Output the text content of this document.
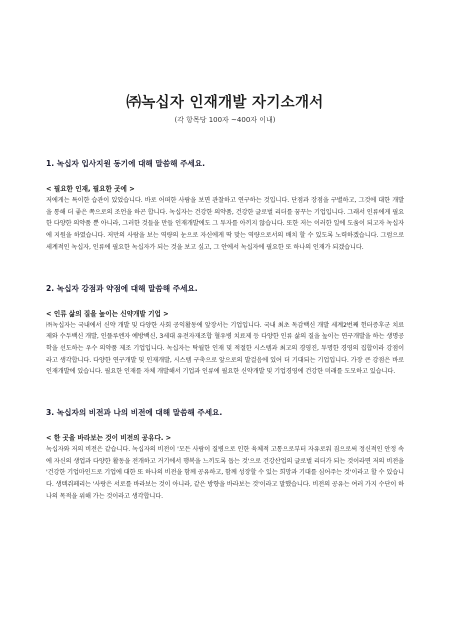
㈜녹십자 인재개발 자기소개서
(각 항목당 100자 ~400자 이내)

1. 녹십자 입사지원 동기에 대해 말씀해 주세요.

< 필요한 인재, 필요한 곳에 >
저에게는 특이한 습관이 있었습니다. 바로 어떠한 사람을 보면 관찰하고 연구하는 것입니다. 단점과 장점을 구별하고, 그것에 대한 개발을 통해 더 좋은 쪽으로의 조언을 하곤 합니다. 녹십자는 건강한 의약품, 건강한 글로벌 리더를 꿈꾸는 기업입니다. 그래서 인류에게 필요한 다양한 의약품 뿐 아니라, 그러한 것들을 만들 인재개발에도 그 투자를 아끼지 않습니다. 또한 저는 이러한 일에 도움이 되고자 녹십자에 지원을 하였습니다. 저만의 사람을 보는 역량의 눈으로 자신에게 딱 맞는 역량으로서의 배치 할 수 있도록 노력하겠습니다. 그럼으로 세계적인 녹십자, 인류에 필요한 녹십자가 되는 것을 보고 싶고, 그 안에서 녹십자에 필요한 또 하나의 인재가 되겠습니다.

2. 녹십자 강점과 약점에 대해 말씀해 주세요.

< 인류 삶의 질을 높이는 신약개발 기업 >
㈜녹십자는 국내에서 신약 개발 및 다양한 사회 공익활동에 앞장서는 기업입니다. 국내 최초 독감백신 개발 세계2번째 헌터증후군 치료제와 수두백신 개발, 인플루엔자 예방백신, 3세대 유전자재조합 혈우병 치료제 등 다양한 인류 삶의 질을 높이는 연구개발을 하는 생명공학을 선도하는 우수 의약품 제조 기업입니다. 녹십자는 탁월한 인재 및 적절한 시스템과 최고의 경영진, 투명한 경영의 집합이라 강점이라고 생각합니다. 다양한 연구개발 및 인재개발, 시스템 구축으로 앞으로의 발걸음에 있어 더 기대되는 기업입니다. 가장 큰 강점은 바로 인재개발에 있습니다. 필요한 인재를 자체 개발해서 기업과 인류에 필요한 신약개발 및 기업경영에 건강한 미래를 도모하고 있습니다.

3. 녹십자의 비전과 나의 비전에 대해 말씀해 주세요.

< 한 곳을 바라보는 것이 비전의 공유다. >
녹십자와 저의 비전은 같습니다. 녹십자의 비전이 '모든 사람이 질병으로 인한 육체적 고통으로부터 자유로워 짐으로써 정신적인 안정 속에 자신의 생업과 다양한 활동을 전개하고 거기에서 행복을 느끼도록 돕는 것'으로 건강산업의 글로벌 리더가 되는 것이라면 저의 비전을 '건강한 기업마인드로 기업에 대한 또 하나의 비전을 함께 공유하고, 함께 성장할 수 있는 희망과 기대를 심어주는 것'이라고 할 수 있습니다. 생텍쥐페리는 '사랑은 서로를 바라보는 것이 아니라, 같은 방향을 바라보는 것'이라고 말했습니다. 비전의 공유는 여러 가지 수단이 하나의 목적을 위해 가는 것이라고 생각합니다.
